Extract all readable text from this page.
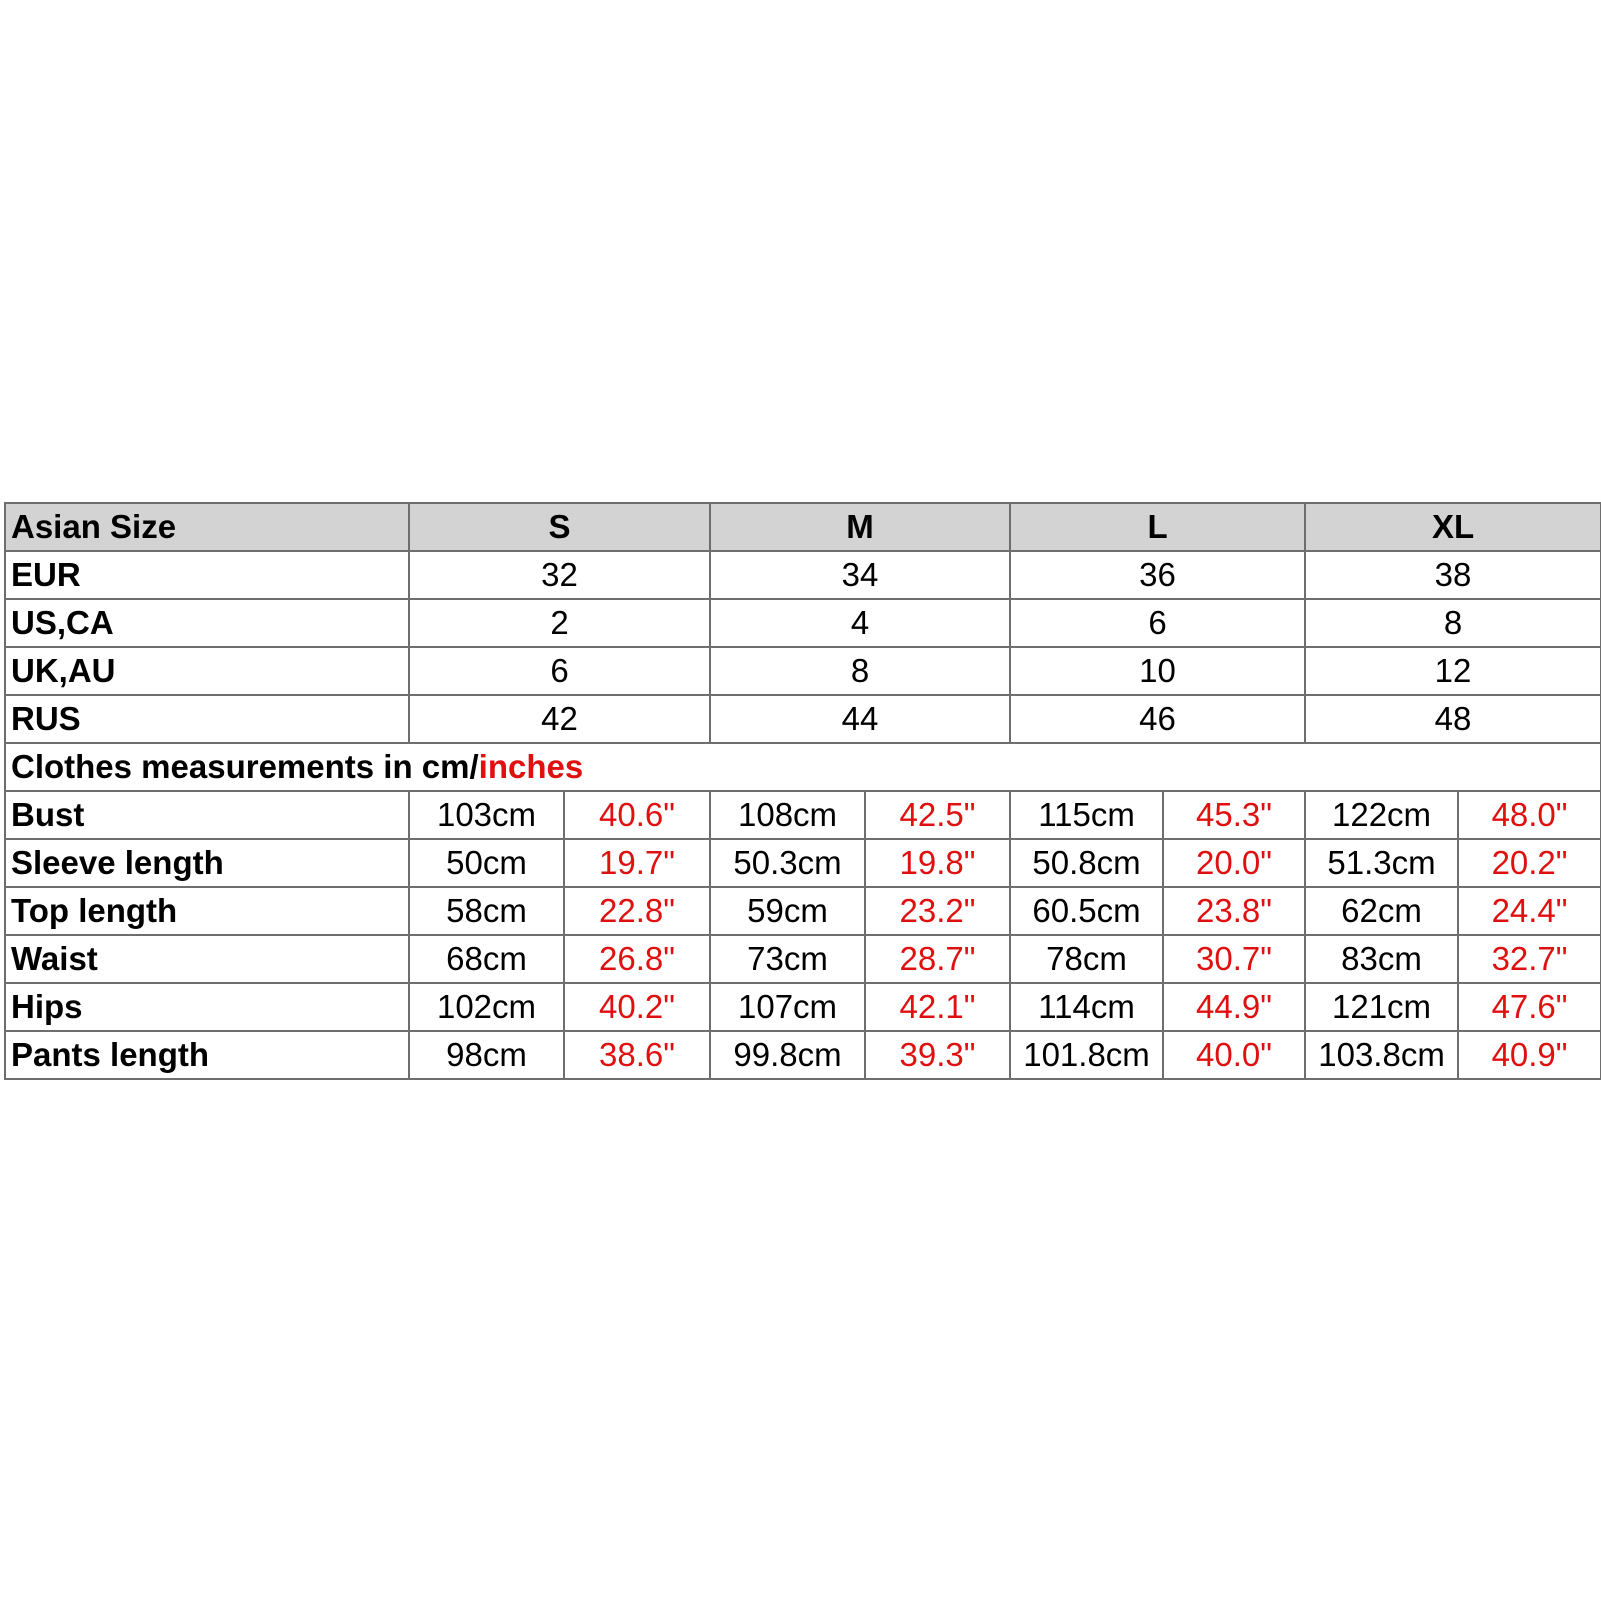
Asian Size	S		M		L		XL	
EUR	32		34		36		38	
US,CA	2		4		6		8	
UK,AU	6		8		10		12	
RUS	42		44		46		48	
Clothes measurements in cm/inches								
Bust	103cm	40.6"	108cm	42.5"	115cm	45.3"	122cm	48.0"
Sleeve length	50cm	19.7"	50.3cm	19.8"	50.8cm	20.0"	51.3cm	20.2"
Top length	58cm	22.8"	59cm	23.2"	60.5cm	23.8"	62cm	24.4"
Waist	68cm	26.8"	73cm	28.7"	78cm	30.7"	83cm	32.7"
Hips	102cm	40.2"	107cm	42.1"	114cm	44.9"	121cm	47.6"
Pants length	98cm	38.6"	99.8cm	39.3"	101.8cm	40.0"	103.8cm	40.9"
